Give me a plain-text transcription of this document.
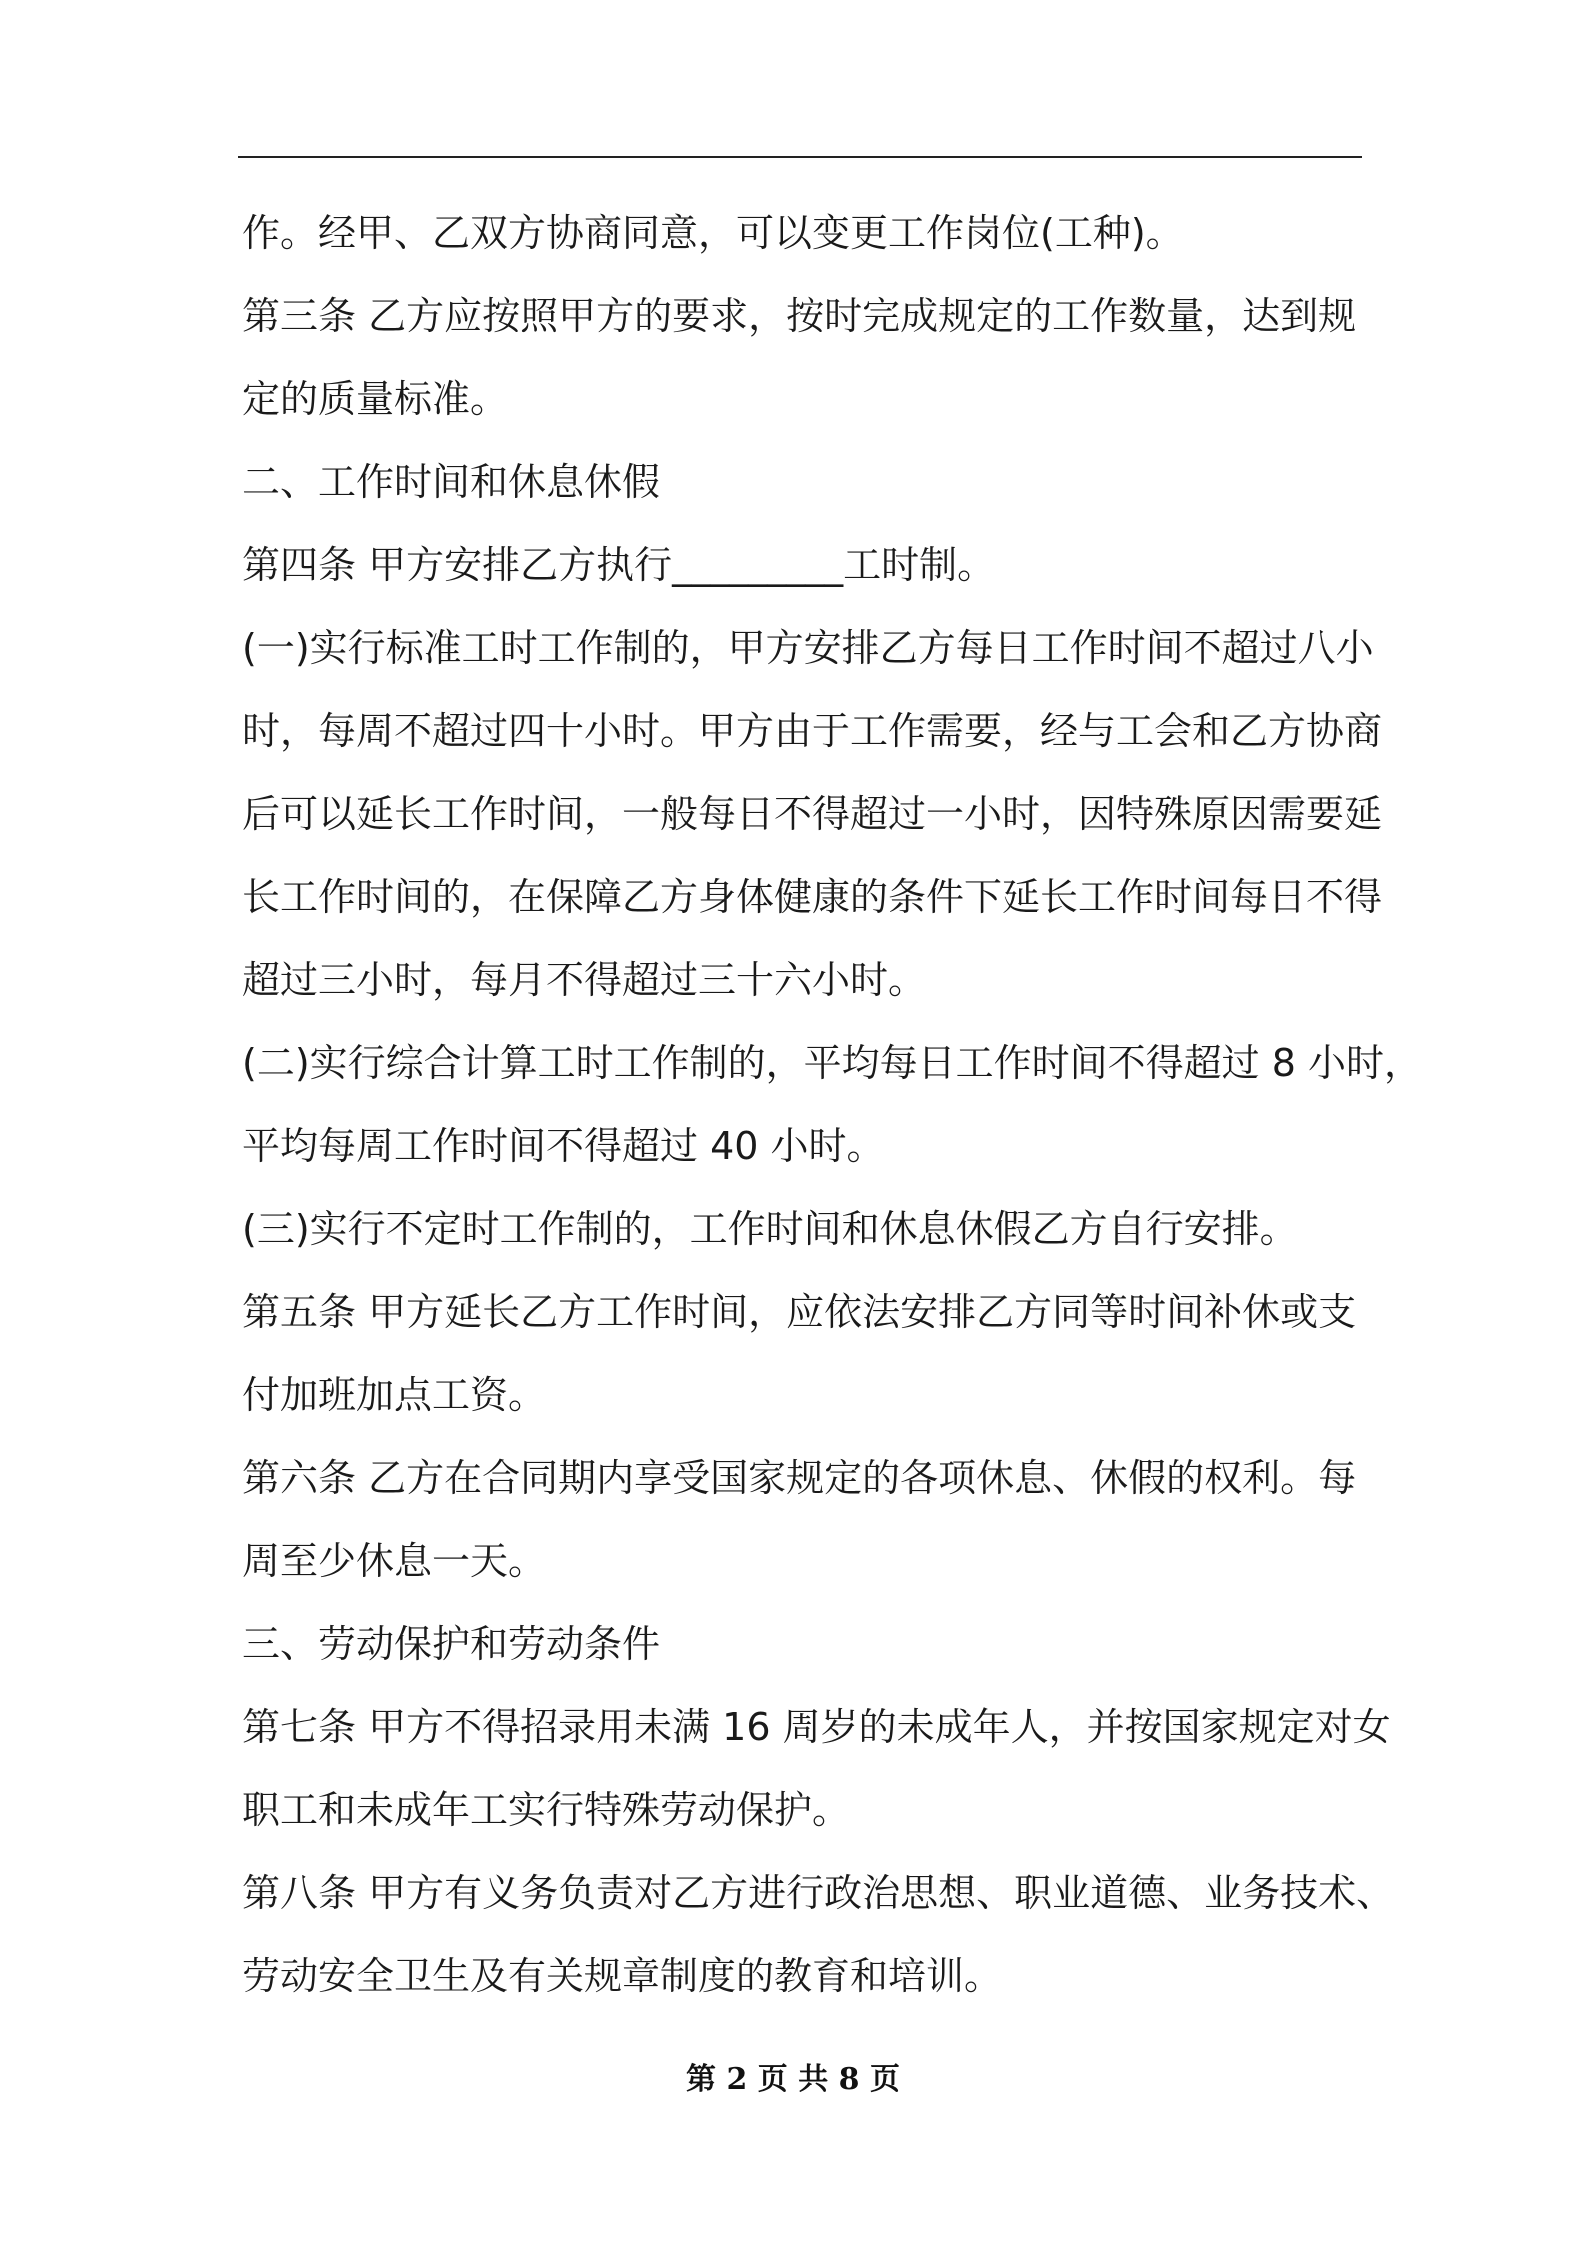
作。经甲、乙双方协商同意，可以变更工作岗位(工种)。
第三条 乙方应按照甲方的要求，按时完成规定的工作数量，达到规
定的质量标准。
二、工作时间和休息休假
第四条 甲方安排乙方执行_________工时制。
(一)实行标准工时工作制的，甲方安排乙方每日工作时间不超过八小
时，每周不超过四十小时。甲方由于工作需要，经与工会和乙方协商
后可以延长工作时间，一般每日不得超过一小时，因特殊原因需要延
长工作时间的，在保障乙方身体健康的条件下延长工作时间每日不得
超过三小时，每月不得超过三十六小时。
(二)实行综合计算工时工作制的，平均每日工作时间不得超过 8 小时，
平均每周工作时间不得超过 40 小时。
(三)实行不定时工作制的，工作时间和休息休假乙方自行安排。
第五条 甲方延长乙方工作时间，应依法安排乙方同等时间补休或支
付加班加点工资。
第六条 乙方在合同期内享受国家规定的各项休息、休假的权利。每
周至少休息一天。
三、劳动保护和劳动条件
第七条 甲方不得招录用未满 16 周岁的未成年人，并按国家规定对女
职工和未成年工实行特殊劳动保护。
第八条 甲方有义务负责对乙方进行政治思想、职业道德、业务技术、
劳动安全卫生及有关规章制度的教育和培训。
第 2 页 共 8 页
